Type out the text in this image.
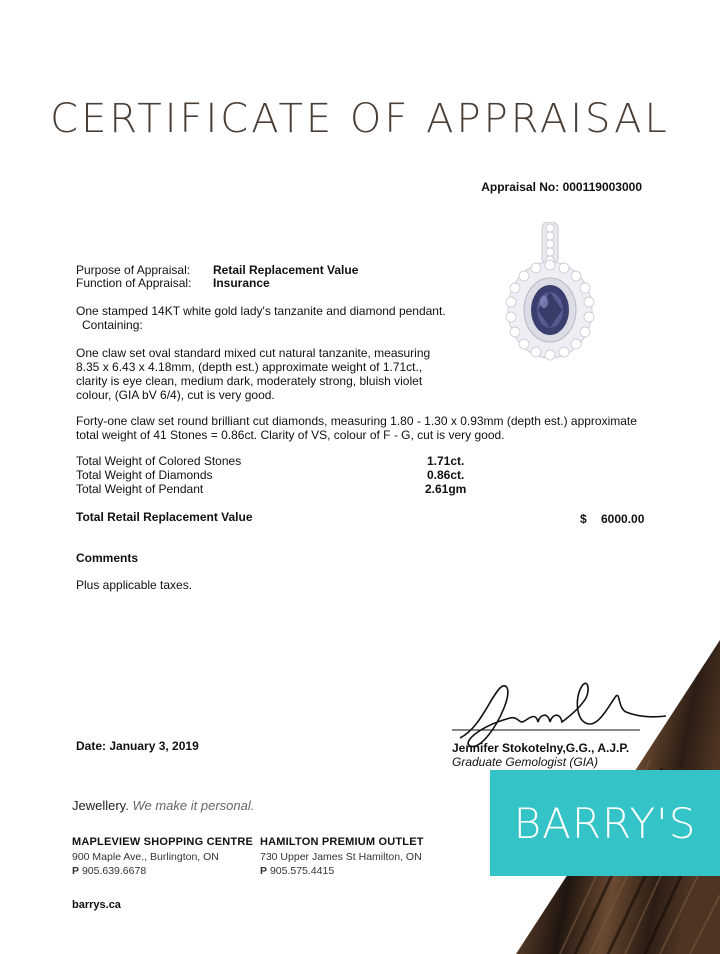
CERTIFICATE OF APPRAISAL
Appraisal No: 000119003000
Purpose of Appraisal: Retail Replacement Value
Function of Appraisal: Insurance
One stamped 14KT white gold lady's tanzanite and diamond pendant.
Containing:
One claw set oval standard mixed cut natural tanzanite, measuring
8.35 x 6.43 x 4.18mm, (depth est.) approximate weight of 1.71ct.,
clarity is eye clean, medium dark, moderately strong, bluish violet
colour, (GIA bV 6/4), cut is very good.
Forty-one claw set round brilliant cut diamonds, measuring 1.80 - 1.30 x 0.93mm (depth est.) approximate
total weight of 41 Stones = 0.86ct. Clarity of VS, colour of F - G, cut is very good.
Total Weight of Colored Stones	1.71ct.
Total Weight of Diamonds	0.86ct.
Total Weight of Pendant	2.61gm
Total Retail Replacement Value	$ 6000.00
Comments
Plus applicable taxes.
Jennifer Stokotelny,G.G., A.J.P.
Graduate Gemologist (GIA)
Date: January 3, 2019
Jewellery. We make it personal.
MAPLEVIEW SHOPPING CENTRE
900 Maple Ave., Burlington, ON
P 905.639.6678
HAMILTON PREMIUM OUTLET
730 Upper James St Hamilton, ON
P 905.575.4415
barrys.ca
BARRY'S
